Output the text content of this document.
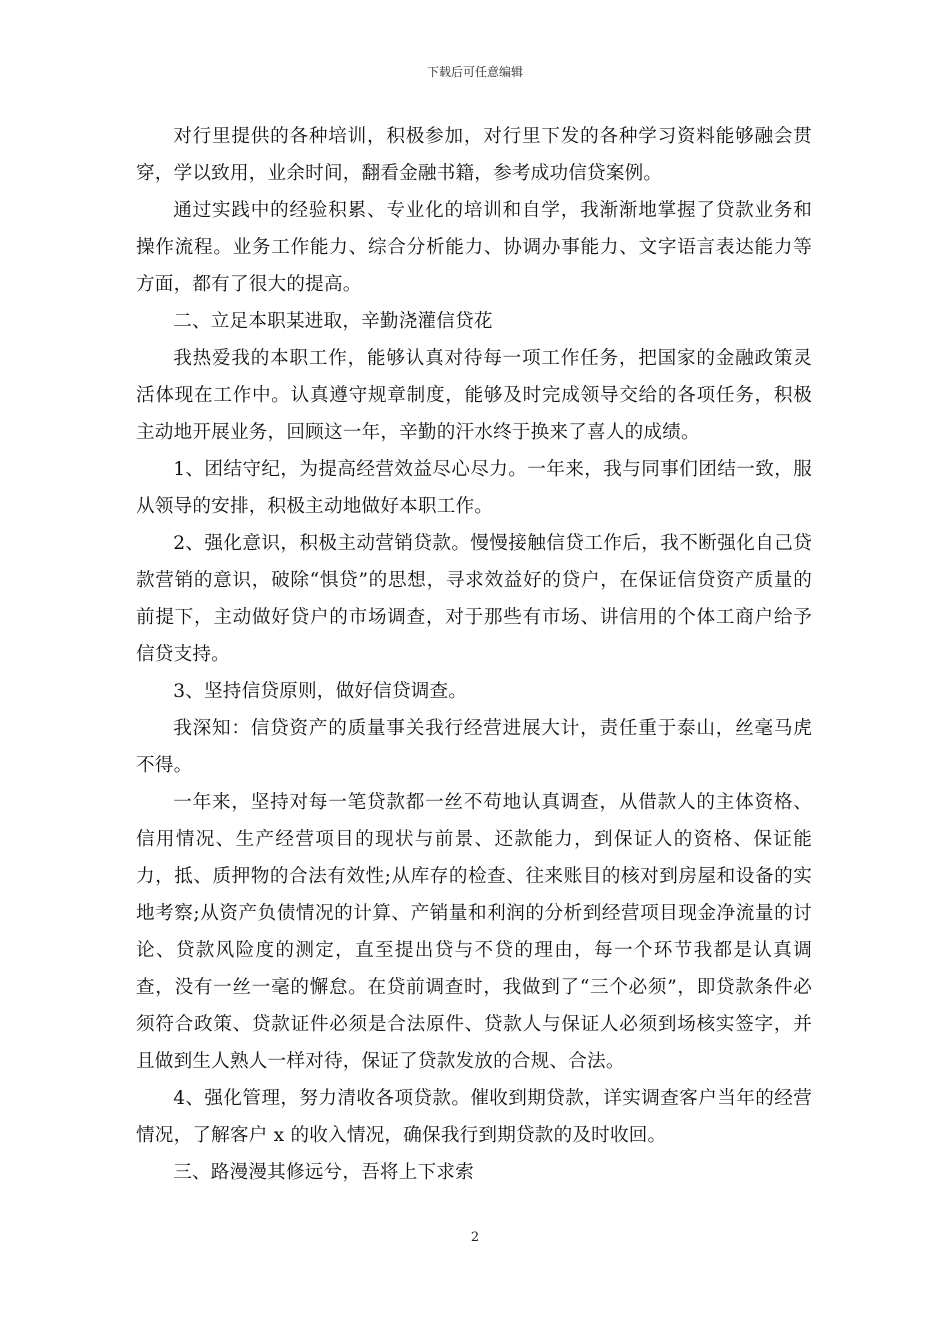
下载后可任意编辑

对行里提供的各种培训，积极参加，对行里下发的各种学习资料能够融会贯穿，学以致用，业余时间，翻看金融书籍，参考成功信贷案例。

通过实践中的经验积累、专业化的培训和自学，我渐渐地掌握了贷款业务和操作流程。业务工作能力、综合分析能力、协调办事能力、文字语言表达能力等方面，都有了很大的提高。

二、立足本职某进取，辛勤浇灌信贷花

我热爱我的本职工作，能够认真对待每一项工作任务，把国家的金融政策灵活体现在工作中。认真遵守规章制度，能够及时完成领导交给的各项任务，积极主动地开展业务，回顾这一年，辛勤的汗水终于换来了喜人的成绩。

1、团结守纪，为提高经营效益尽心尽力。一年来，我与同事们团结一致，服从领导的安排，积极主动地做好本职工作。

2、强化意识，积极主动营销贷款。慢慢接触信贷工作后，我不断强化自己贷款营销的意识，破除“惧贷”的思想，寻求效益好的贷户，在保证信贷资产质量的前提下，主动做好贷户的市场调查，对于那些有市场、讲信用的个体工商户给予信贷支持。

3、坚持信贷原则，做好信贷调查。

我深知：信贷资产的质量事关我行经营进展大计，责任重于泰山，丝毫马虎不得。

一年来，坚持对每一笔贷款都一丝不苟地认真调查，从借款人的主体资格、信用情况、生产经营项目的现状与前景、还款能力，到保证人的资格、保证能力，抵、质押物的合法有效性;从库存的检查、往来账目的核对到房屋和设备的实地考察;从资产负债情况的计算、产销量和利润的分析到经营项目现金净流量的讨论、贷款风险度的测定，直至提出贷与不贷的理由，每一个环节我都是认真调查，没有一丝一毫的懈怠。在贷前调查时，我做到了“三个必须”，即贷款条件必须符合政策、贷款证件必须是合法原件、贷款人与保证人必须到场核实签字，并且做到生人熟人一样对待，保证了贷款发放的合规、合法。

4、强化管理，努力清收各项贷款。催收到期贷款，详实调查客户当年的经营情况，了解客户 x 的收入情况，确保我行到期贷款的及时收回。

三、路漫漫其修远兮，吾将上下求索

2
